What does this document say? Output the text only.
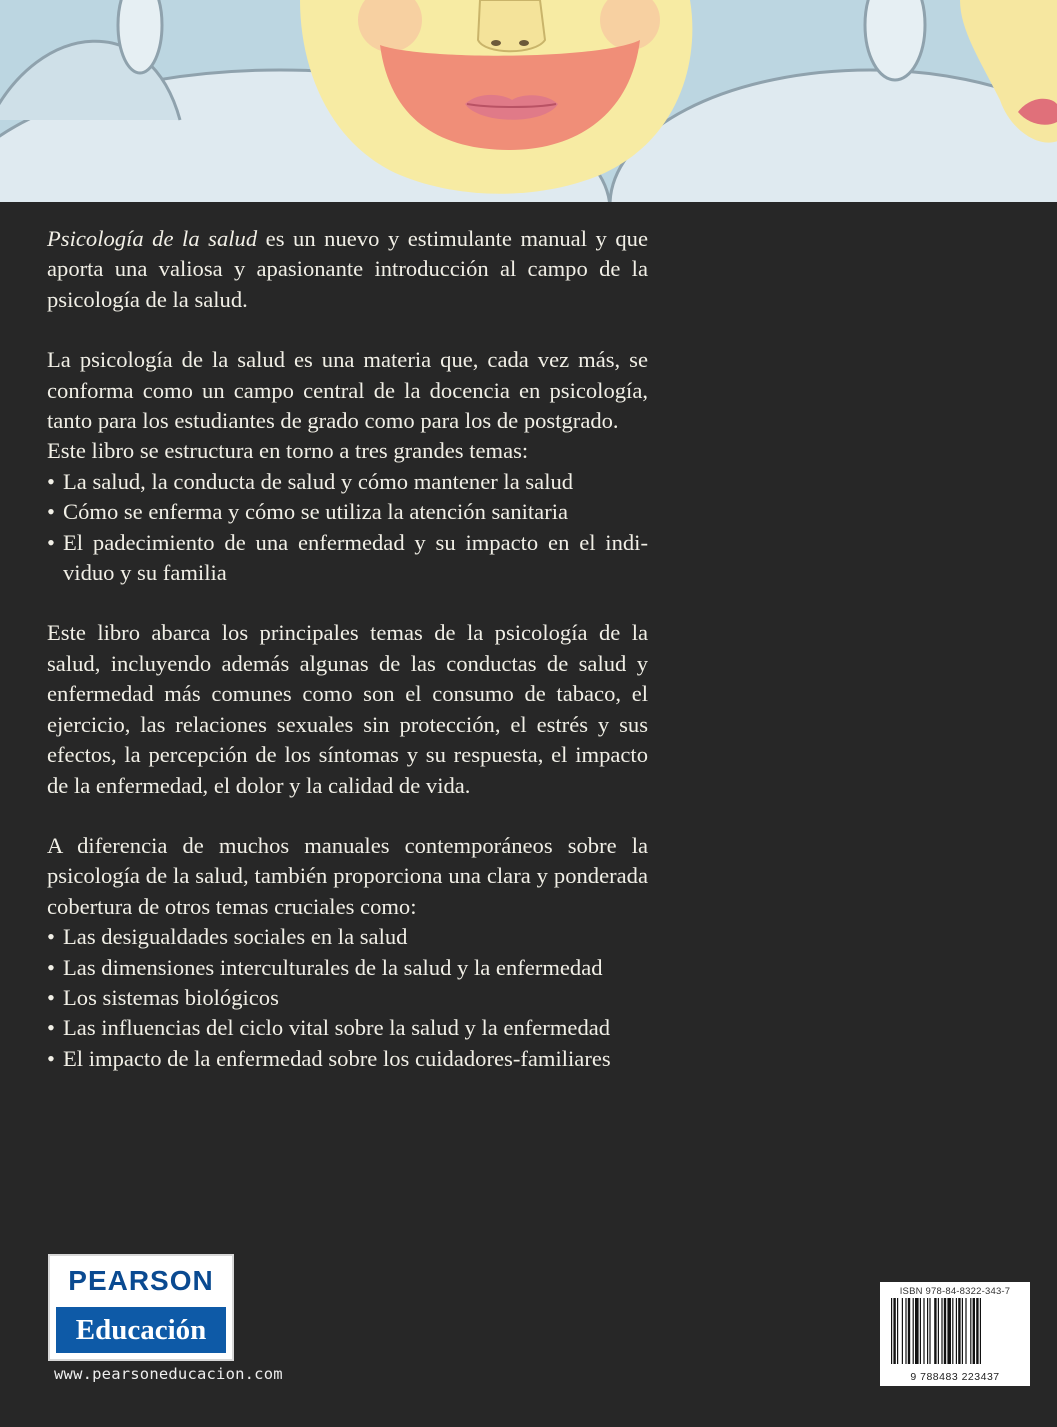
Psicología de la salud es un nuevo y estimulante manual y que aporta una valiosa y apasionante introducción al campo de la psicología de la salud.

La psicología de la salud es una materia que, cada vez más, se conforma como un campo central de la docencia en psicología, tanto para los estudiantes de grado como para los de postgrado.

Este libro se estructura en torno a tres grandes temas:

• La salud, la conducta de salud y cómo mantener la salud
• Cómo se enferma y cómo se utiliza la atención sanitaria
• El padecimiento de una enfermedad y su impacto en el individuo y su familia

Este libro abarca los principales temas de la psicología de la salud, incluyendo además algunas de las conductas de salud y enfermedad más comunes como son el consumo de tabaco, el ejercicio, las relaciones sexuales sin protección, el estrés y sus efectos, la percepción de los síntomas y su respuesta, el impacto de la enfermedad, el dolor y la calidad de vida.

A diferencia de muchos manuales contemporáneos sobre la psicología de la salud, también proporciona una clara y ponderada cobertura de otros temas cruciales como:

• Las desigualdades sociales en la salud
• Las dimensiones interculturales de la salud y la enfermedad
• Los sistemas biológicos
• Las influencias del ciclo vital sobre la salud y la enfermedad
• El impacto de la enfermedad sobre los cuidadores-familiares
PEARSON
Educación
www.pearsoneducacion.com
ISBN 978-84-8322-343-7
9 788483 223437
